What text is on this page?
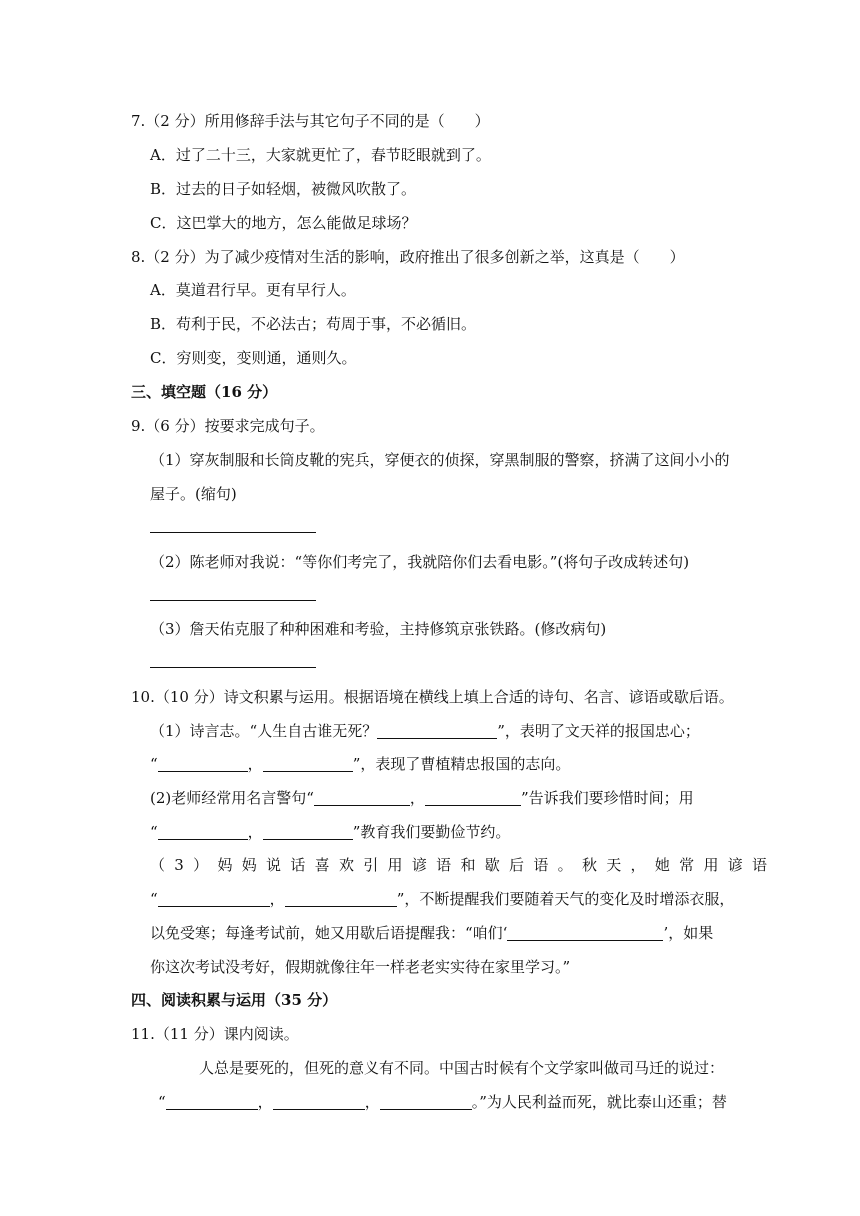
7.（2 分）所用修辞手法与其它句子不同的是（　　）
A．过了二十三，大家就更忙了，春节眨眼就到了。
B．过去的日子如轻烟，被微风吹散了。
C．这巴掌大的地方，怎么能做足球场？
8.（2 分）为了减少疫情对生活的影响，政府推出了很多创新之举，这真是（　　）
A．莫道君行早。更有早行人。
B．苟利于民，不必法古；苟周于事，不必循旧。
C．穷则变，变则通，通则久。
三、填空题（16 分）
9.（6 分）按要求完成句子。
（1）穿灰制服和长筒皮靴的宪兵，穿便衣的侦探，穿黑制服的警察，挤满了这间小小的
屋子。(缩句)
（2）陈老师对我说：“等你们考完了，我就陪你们去看电影。”(将句子改成转述句)
（3）詹天佑克服了种种困难和考验，主持修筑京张铁路。(修改病句)
10.（10 分）诗文积累与运用。根据语境在横线上填上合适的诗句、名言、谚语或歇后语。
（1）诗言志。“人生自古谁无死？	”，表明了文天祥的报国忠心；
“	，	”，表现了曹植精忠报国的志向。
(2)老师经常用名言警句“	，	”告诉我们要珍惜时间；用
“	，	”教育我们要勤俭节约。
（3）妈妈说话喜欢引用谚语和歇后语。秋天，她常用谚语
“	，	”，不断提醒我们要随着天气的变化及时增添衣服，
以免受寒；每逢考试前，她又用歇后语提醒我：“咱们‘	’，如果
你这次考试没考好，假期就像往年一样老老实实待在家里学习。”
四、阅读积累与运用（35 分）
11.（11 分）课内阅读。
人总是要死的，但死的意义有不同。中国古时候有个文学家叫做司马迁的说过：
“	，	，	。”为人民利益而死，就比泰山还重；替
